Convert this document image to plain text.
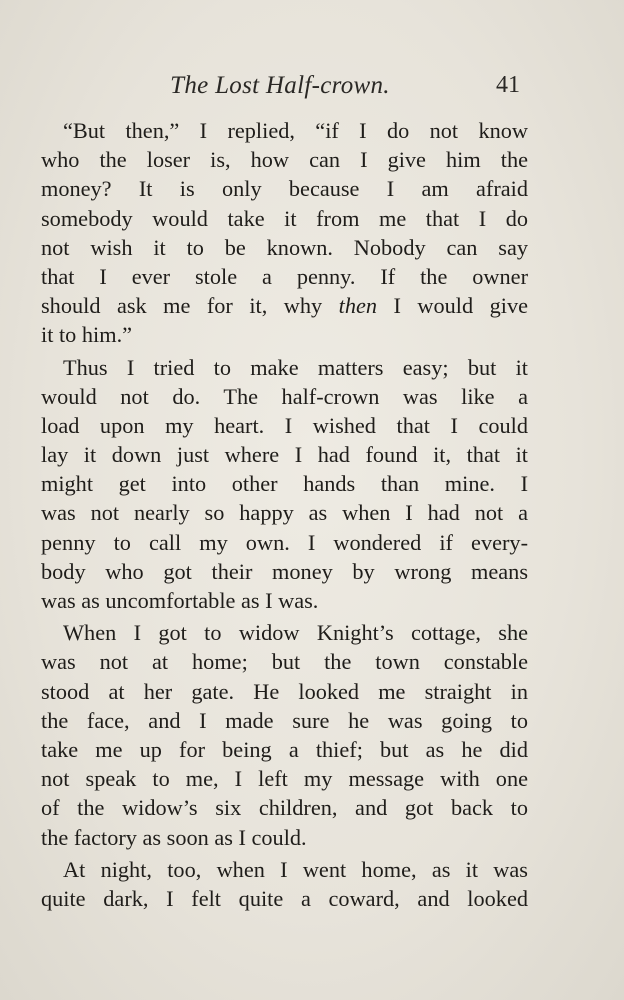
The Lost Half-crown.	41
“But then,” I replied, “if I do not know
who the loser is, how can I give him the
money? It is only because I am afraid
somebody would take it from me that I do
not wish it to be known. Nobody can say
that I ever stole a penny. If the owner
should ask me for it, why then I would give
it to him.”
Thus I tried to make matters easy; but it
would not do. The half-crown was like a
load upon my heart. I wished that I could
lay it down just where I had found it, that it
might get into other hands than mine. I
was not nearly so happy as when I had not a
penny to call my own. I wondered if every-
body who got their money by wrong means
was as uncomfortable as I was.
When I got to widow Knight’s cottage, she
was not at home; but the town constable
stood at her gate. He looked me straight in
the face, and I made sure he was going to
take me up for being a thief; but as he did
not speak to me, I left my message with one
of the widow’s six children, and got back to
the factory as soon as I could.
At night, too, when I went home, as it was
quite dark, I felt quite a coward, and looked
